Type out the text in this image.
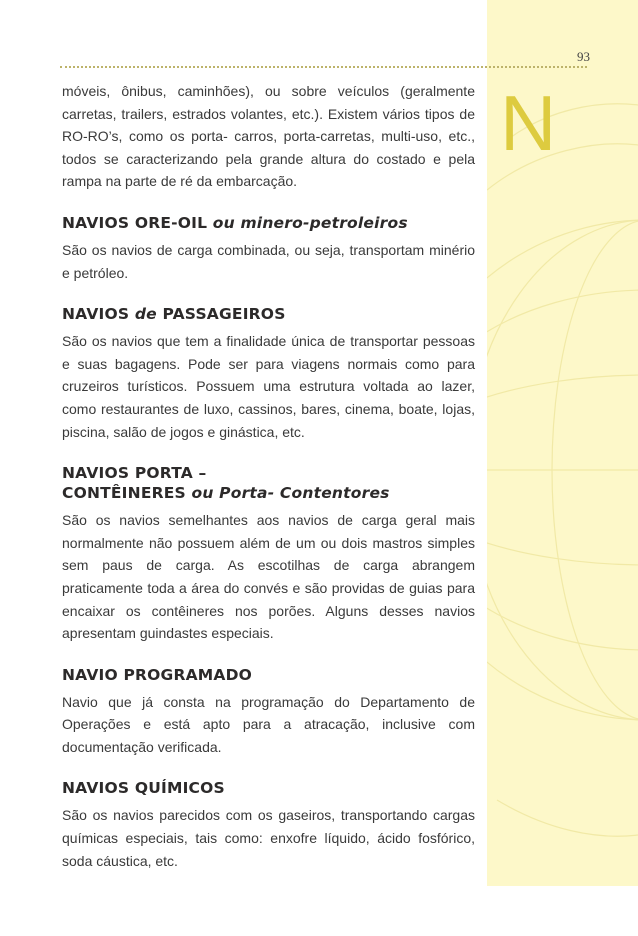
93
N

móveis, ônibus, caminhões), ou sobre veículos (geralmente carretas, trailers, estrados volantes, etc.). Existem vários tipos de RO-RO’s, como os porta- carros, porta-carretas, multi-uso, etc., todos se caracterizando pela grande altura do costado e pela rampa na parte de ré da embarcação.

NAVIOS ORE-OIL ou minero-petroleiros

São os navios de carga combinada, ou seja, transportam minério e petróleo.

NAVIOS de PASSAGEIROS

São os navios que tem a finalidade única de transportar pessoas e suas bagagens. Pode ser para viagens normais como para cruzeiros turísticos. Possuem uma estrutura voltada ao lazer, como restaurantes de luxo, cassinos, bares, cinema, boate, lojas, piscina, salão de jogos e ginástica, etc.

NAVIOS PORTA –
CONTÊINERES ou Porta- Contentores

São os navios semelhantes aos navios de carga geral mais normalmente não possuem além de um ou dois mastros simples sem paus de carga. As escotilhas de carga abrangem praticamente toda a área do convés e são providas de guias para encaixar os contêineres nos porões. Alguns desses navios apresentam guindastes especiais.

NAVIO PROGRAMADO

Navio que já consta na programação do Departamento de Operações e está apto para a atracação, inclusive com documentação verificada.

NAVIOS QUÍMICOS

São os navios parecidos com os gaseiros, transportando cargas químicas especiais, tais como: enxofre líquido, ácido fosfórico, soda cáustica, etc.
